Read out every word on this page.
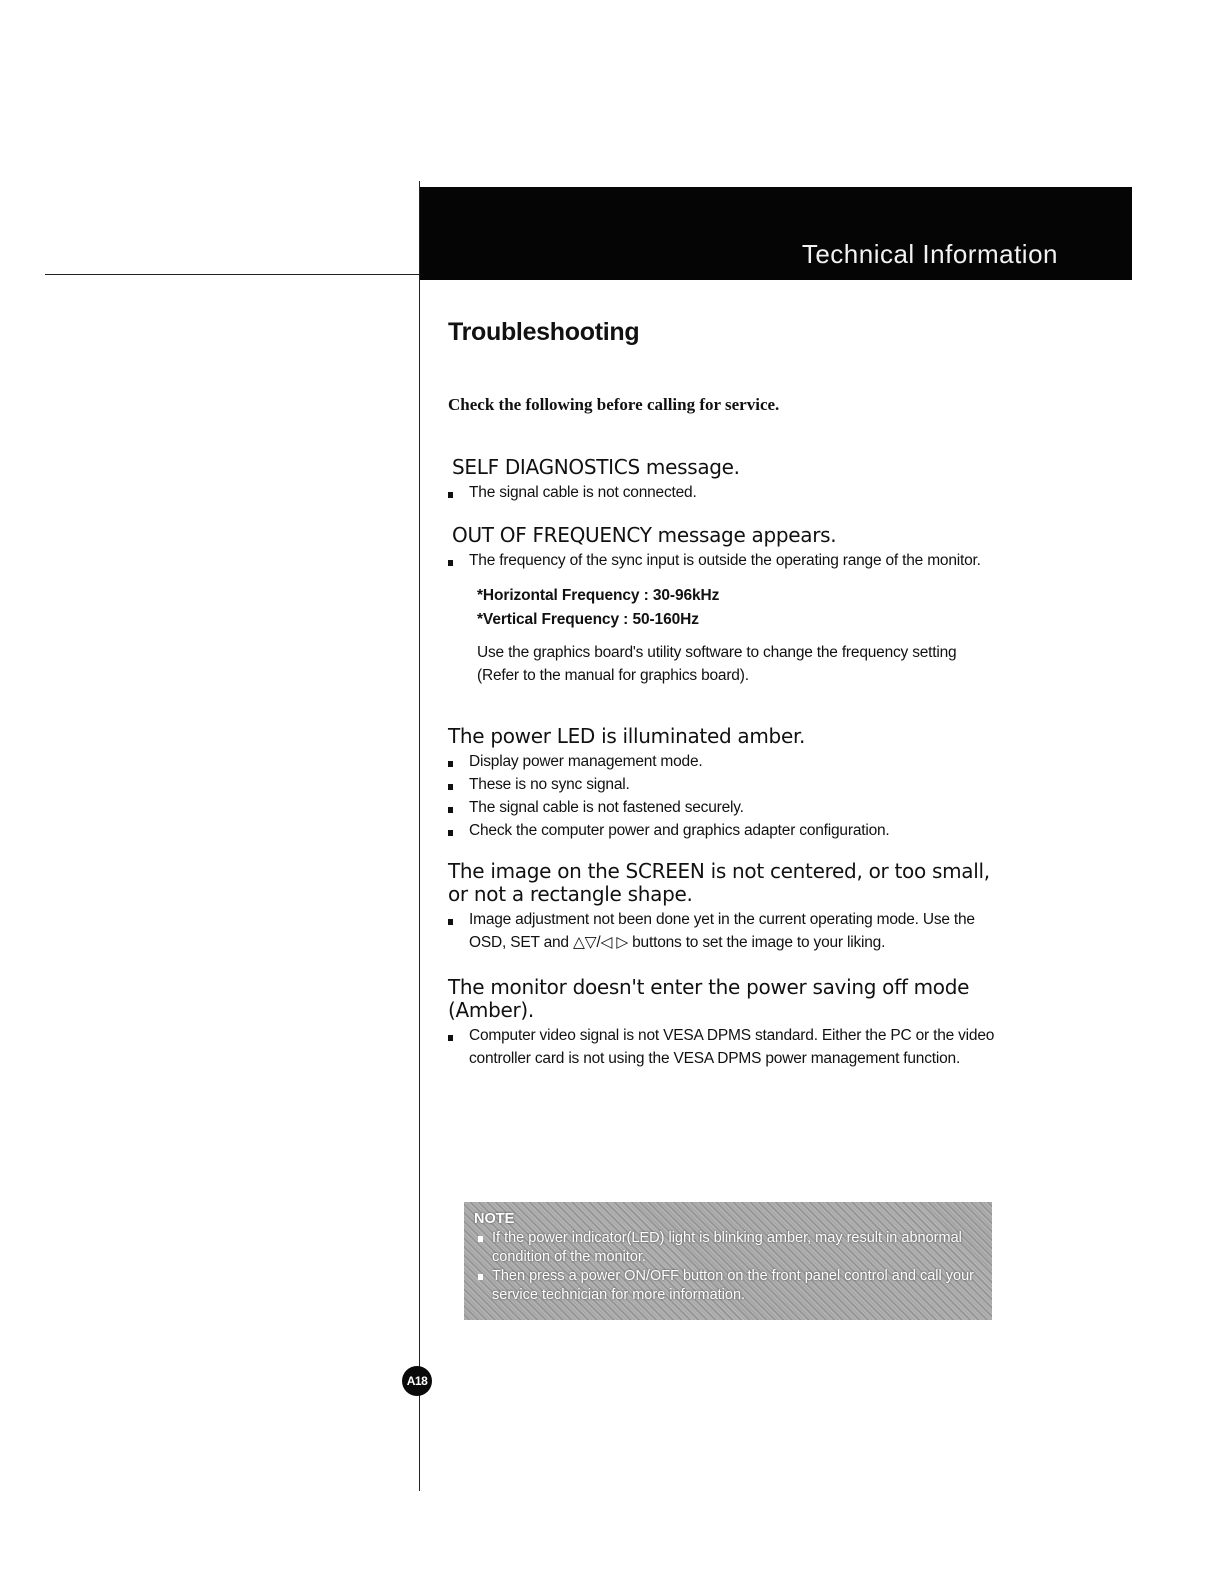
Technical Information
Troubleshooting

Check the following before calling for service.

SELF DIAGNOSTICS message.
The signal cable is not connected.
OUT OF FREQUENCY message appears.
The frequency of the sync input is outside the operating range of the monitor.
*Horizontal Frequency : 30-96kHz
*Vertical Frequency : 50-160Hz

Use the graphics board's utility software to change the frequency setting (Refer to the manual for graphics board).

The power LED is illuminated amber.
Display power management mode.
These is no sync signal.
The signal cable is not fastened securely.
Check the computer power and graphics adapter configuration.
The image on the SCREEN is not centered, or too small, or not a rectangle shape.
Image adjustment not been done yet in the current operating mode. Use the OSD, SET and △▽/◁ ▷ buttons to set the image to your liking.
The monitor doesn't enter the power saving off mode (Amber).
Computer video signal is not VESA DPMS standard. Either the PC or the video controller card is not using the VESA DPMS power management function.
NOTE
If the power indicator(LED) light is blinking amber, may result in abnormal condition of the monitor.
Then press a power ON/OFF button on the front panel control and call your service technician for more information.
A18
